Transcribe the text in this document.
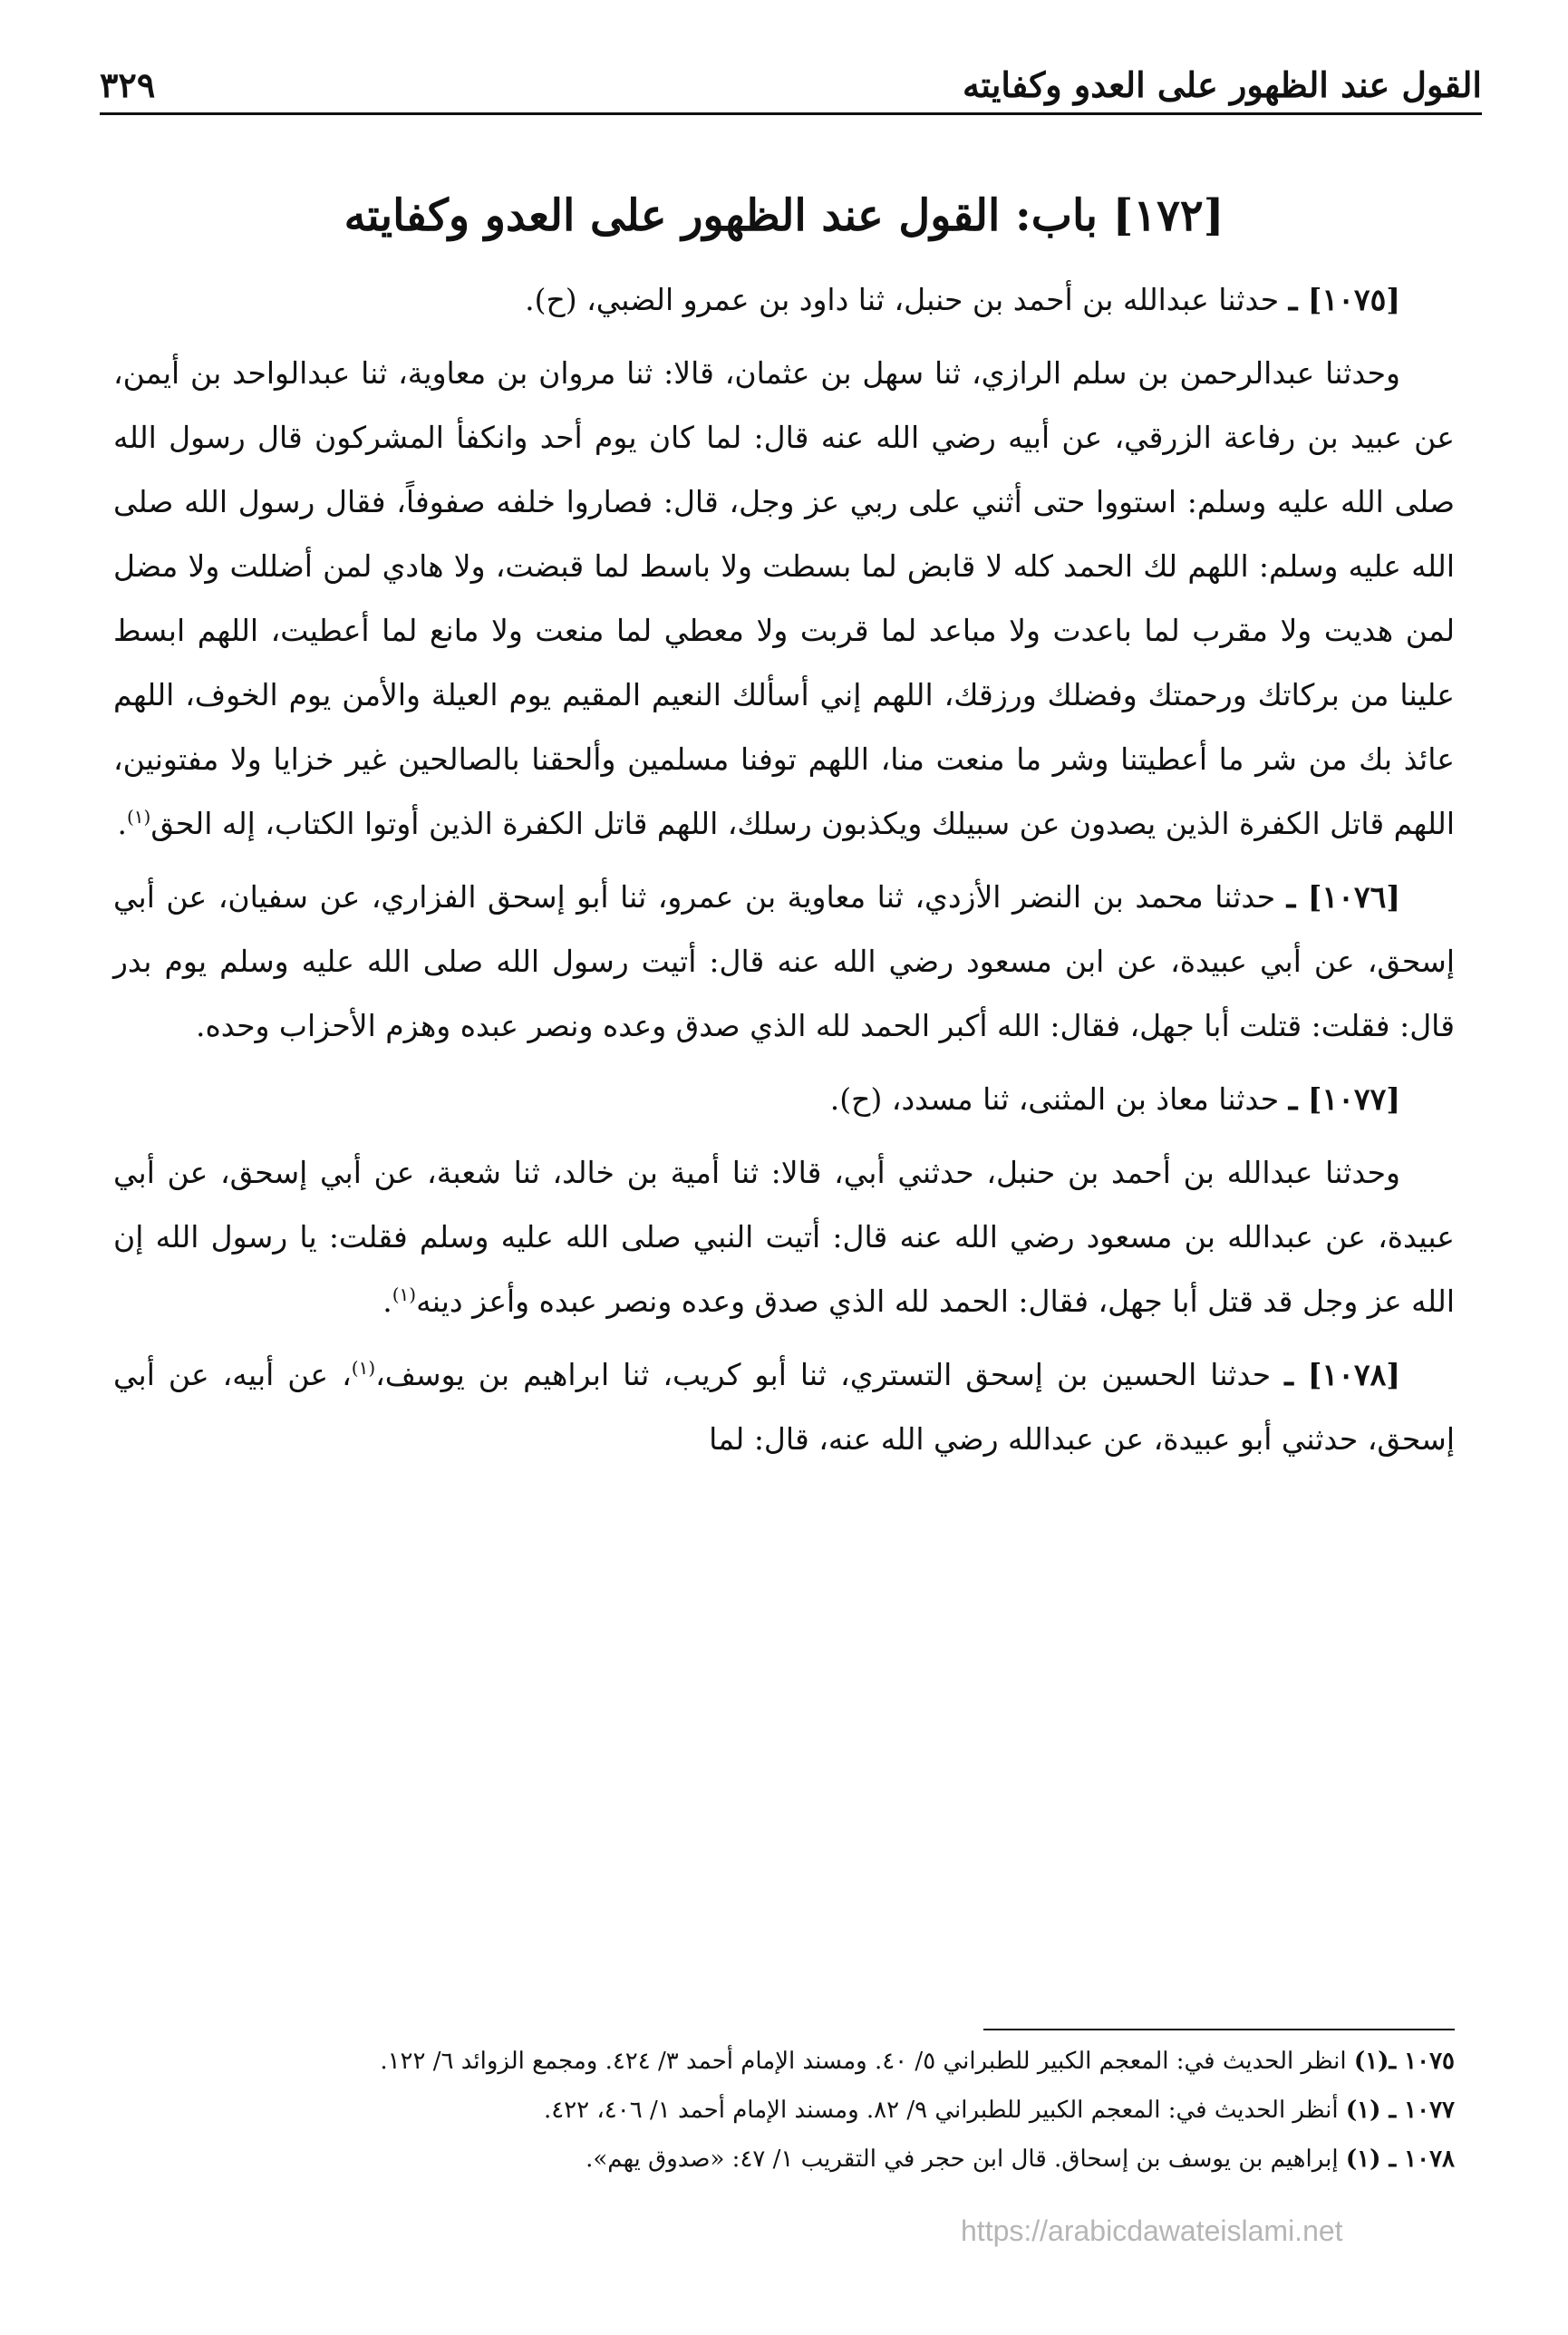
القول عند الظهور على العدو وكفايته
٣٢٩
[١٧٢] باب: القول عند الظهور على العدو وكفايته

[١٠٧٥] ـ حدثنا عبدالله بن أحمد بن حنبل، ثنا داود بن عمرو الضبي، (ح).

وحدثنا عبدالرحمن بن سلم الرازي، ثنا سهل بن عثمان، قالا: ثنا مروان بن معاوية، ثنا عبدالواحد بن أيمن، عن عبيد بن رفاعة الزرقي، عن أبيه رضي الله عنه قال: لما كان يوم أحد وانكفأ المشركون قال رسول الله صلى الله عليه وسلم: استووا حتى أثني على ربي عز وجل، قال: فصاروا خلفه صفوفاً، فقال رسول الله صلى الله عليه وسلم: اللهم لك الحمد كله لا قابض لما بسطت ولا باسط لما قبضت، ولا هادي لمن أضللت ولا مضل لمن هديت ولا مقرب لما باعدت ولا مباعد لما قربت ولا معطي لما منعت ولا مانع لما أعطيت، اللهم ابسط علينا من بركاتك ورحمتك وفضلك ورزقك، اللهم إني أسألك النعيم المقيم يوم العيلة والأمن يوم الخوف، اللهم عائذ بك من شر ما أعطيتنا وشر ما منعت منا، اللهم توفنا مسلمين وألحقنا بالصالحين غير خزايا ولا مفتونين، اللهم قاتل الكفرة الذين يصدون عن سبيلك ويكذبون رسلك، اللهم قاتل الكفرة الذين أوتوا الكتاب، إله الحق$^{(١)}$.

[١٠٧٦] ـ حدثنا محمد بن النضر الأزدي، ثنا معاوية بن عمرو، ثنا أبو إسحق الفزاري، عن سفيان، عن أبي إسحق، عن أبي عبيدة، عن ابن مسعود رضي الله عنه قال: أتيت رسول الله صلى الله عليه وسلم يوم بدر قال: فقلت: قتلت أبا جهل، فقال: الله أكبر الحمد لله الذي صدق وعده ونصر عبده وهزم الأحزاب وحده.

[١٠٧٧] ـ حدثنا معاذ بن المثنى، ثنا مسدد، (ح).

وحدثنا عبدالله بن أحمد بن حنبل، حدثني أبي، قالا: ثنا أمية بن خالد، ثنا شعبة، عن أبي إسحق، عن أبي عبيدة، عن عبدالله بن مسعود رضي الله عنه قال: أتيت النبي صلى الله عليه وسلم فقلت: يا رسول الله إن الله عز وجل قد قتل أبا جهل، فقال: الحمد لله الذي صدق وعده ونصر عبده وأعز دينه$^{(١)}$.

[١٠٧٨] ـ حدثنا الحسين بن إسحق التستري، ثنا أبو كريب، ثنا ابراهيم بن يوسف،$^{(١)}$، عن أبيه، عن أبي إسحق، حدثني أبو عبيدة، عن عبدالله رضي الله عنه، قال: لما

١٠٧٥ ـ(١) انظر الحديث في: المعجم الكبير للطبراني ٥/ ٤٠. ومسند الإمام أحمد ٣/ ٤٢٤. ومجمع الزوائد ٦/ ١٢٢.

١٠٧٧ ـ (١) أنظر الحديث في: المعجم الكبير للطبراني ٩/ ٨٢. ومسند الإمام أحمد ١/ ٤٠٦، ٤٢٢.

١٠٧٨ ـ (١) إبراهيم بن يوسف بن إسحاق. قال ابن حجر في التقريب ١/ ٤٧: «صدوق يهم».

https://arabicdawateislami.net
